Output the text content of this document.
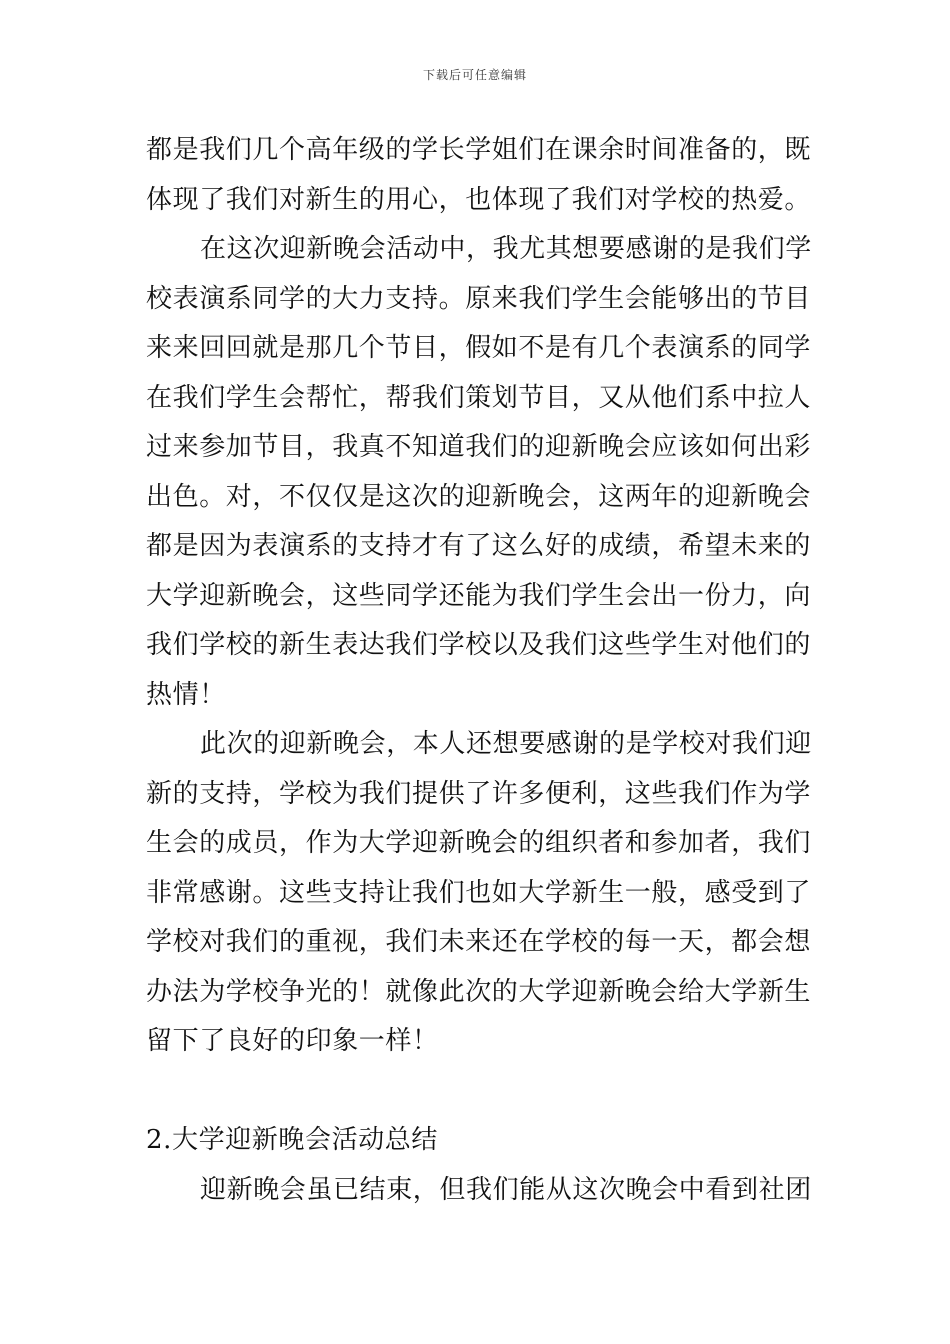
下载后可任意编辑
都是我们几个高年级的学长学姐们在课余时间准备的，既
体现了我们对新生的用心，也体现了我们对学校的热爱。
在这次迎新晚会活动中，我尤其想要感谢的是我们学
校表演系同学的大力支持。原来我们学生会能够出的节目
来来回回就是那几个节目，假如不是有几个表演系的同学
在我们学生会帮忙，帮我们策划节目，又从他们系中拉人
过来参加节目，我真不知道我们的迎新晚会应该如何出彩
出色。对，不仅仅是这次的迎新晚会，这两年的迎新晚会
都是因为表演系的支持才有了这么好的成绩，希望未来的
大学迎新晚会，这些同学还能为我们学生会出一份力，向
我们学校的新生表达我们学校以及我们这些学生对他们的
热情！
此次的迎新晚会，本人还想要感谢的是学校对我们迎
新的支持，学校为我们提供了许多便利，这些我们作为学
生会的成员，作为大学迎新晚会的组织者和参加者，我们
非常感谢。这些支持让我们也如大学新生一般，感受到了
学校对我们的重视，我们未来还在学校的每一天，都会想
办法为学校争光的！就像此次的大学迎新晚会给大学新生
留下了良好的印象一样！
2.大学迎新晚会活动总结
迎新晚会虽已结束，但我们能从这次晚会中看到社团
